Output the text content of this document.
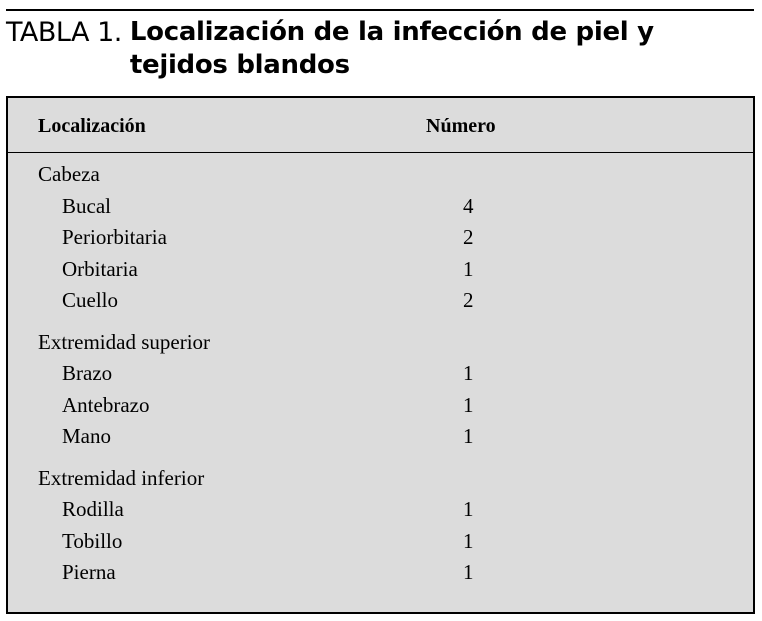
TABLA 1. Localización de la infección de piel y tejidos blandos
Localización	Número
Cabeza
Bucal	4
Periorbitaria	2
Orbitaria	1
Cuello	2
Extremidad superior
Brazo	1
Antebrazo	1
Mano	1
Extremidad inferior
Rodilla	1
Tobillo	1
Pierna	1
